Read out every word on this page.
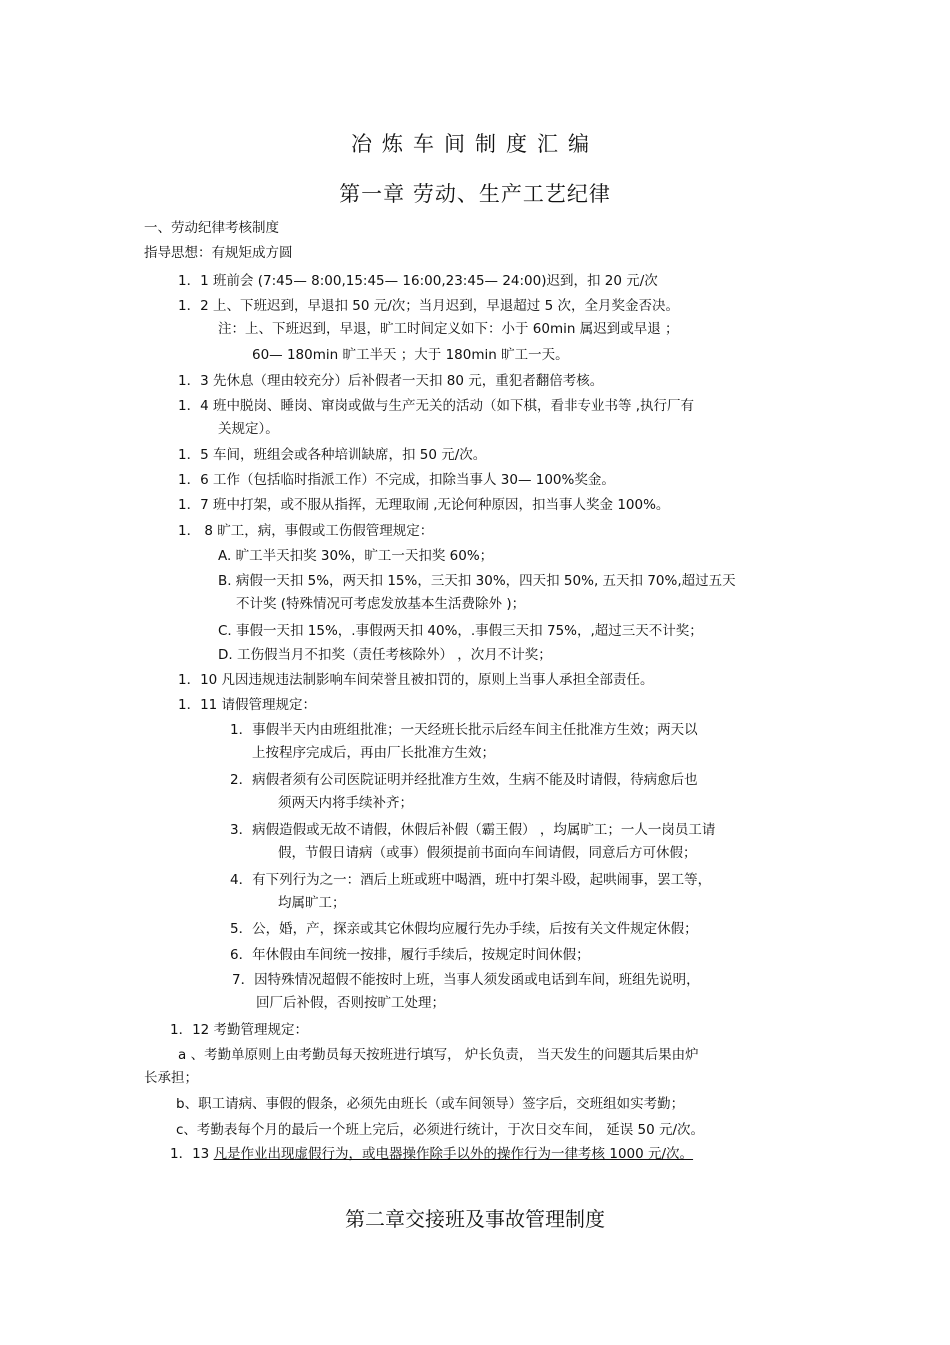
冶炼车间制度汇编
第一章 劳动、生产工艺纪律
一、劳动纪律考核制度
指导思想：有规矩成方圆
1．1 班前会 (7:45— 8:00,15:45— 16:00,23:45— 24:00)迟到，扣 20 元/次
1．2 上、下班迟到，早退扣 50 元/次；当月迟到，早退超过 5 次，全月奖金否决。
注：上、下班迟到，早退，旷工时间定义如下：小于 60min 属迟到或早退 ；
60— 180min 旷工半天 ；大于 180min 旷工一天。
1．3 先休息（理由较充分）后补假者一天扣 80 元，重犯者翻倍考核。
1．4 班中脱岗、睡岗、窜岗或做与生产无关的活动（如下棋，看非专业书等 ,执行厂有
关规定）。
1．5 车间，班组会或各种培训缺席，扣 50 元/次。
1．6 工作（包括临时指派工作）不完成，扣除当事人 30— 100%奖金。
1．7 班中打架，或不服从指挥，无理取闹 ,无论何种原因，扣当事人奖金 100%。
1． 8 旷工，病，事假或工伤假管理规定：
A. 旷工半天扣奖 30%，旷工一天扣奖 60%；
B. 病假一天扣 5%，两天扣 15%，三天扣 30%，四天扣 50%, 五天扣 70%,超过五天
不计奖 (特殊情况可考虑发放基本生活费除外 )；
C. 事假一天扣 15%，.事假两天扣 40%，.事假三天扣 75%，,超过三天不计奖；
D. 工伤假当月不扣奖（责任考核除外） ，次月不计奖；
1．10 凡因违规违法制影响车间荣誉且被扣罚的，原则上当事人承担全部责任。
1．11 请假管理规定：
1．事假半天内由班组批准；一天经班长批示后经车间主任批准方生效；两天以
上按程序完成后，再由厂长批准方生效；
2．病假者须有公司医院证明并经批准方生效，生病不能及时请假，待病愈后也
须两天内将手续补齐；
3．病假造假或无故不请假，休假后补假（霸王假） ，均属旷工；一人一岗员工请
假，节假日请病（或事）假须提前书面向车间请假，同意后方可休假；
4．有下列行为之一：酒后上班或班中喝酒，班中打架斗殴，起哄闹事，罢工等，
均属旷工；
5．公，婚，产，探亲或其它休假均应履行先办手续，后按有关文件规定休假；
6．年休假由车间统一按排，履行手续后，按规定时间休假；
7．因特殊情况超假不能按时上班，当事人须发函或电话到车间，班组先说明，
回厂后补假，否则按旷工处理；
1．12 考勤管理规定：
a 、考勤单原则上由考勤员每天按班进行填写， 炉长负责， 当天发生的问题其后果由炉
长承担；
b、职工请病、事假的假条，必须先由班长（或车间领导）签字后，交班组如实考勤；
c、考勤表每个月的最后一个班上完后，必须进行统计，于次日交车间， 延误 50 元/次。
1．13 凡是作业出现虚假行为，或电器操作除手以外的操作行为一律考核 1000 元/次。
第二章交接班及事故管理制度
